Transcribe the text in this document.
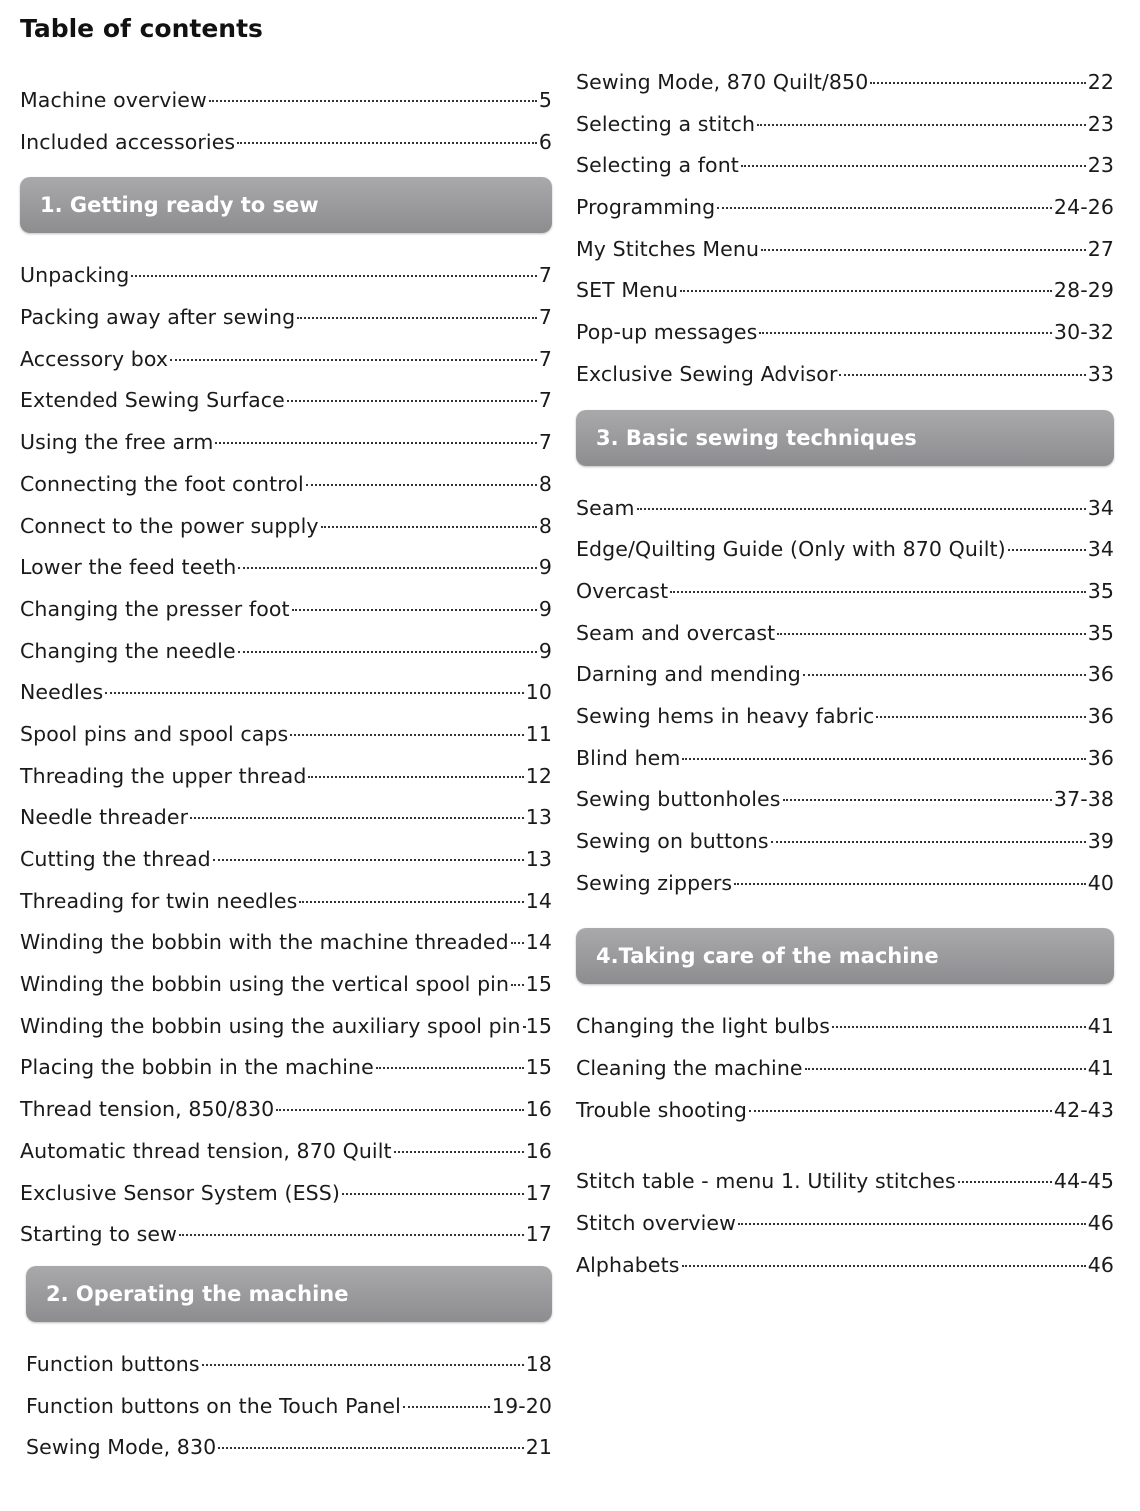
Table of contents
Machine overview	5
Included accessories	6
1. Getting ready to sew
Unpacking	7
Packing away after sewing	7
Accessory box	7
Extended Sewing Surface	7
Using the free arm	7
Connecting the foot control	8
Connect to the power supply	8
Lower the feed teeth	9
Changing the presser foot	9
Changing the needle	9
Needles	10
Spool pins and spool caps	11
Threading the upper thread	12
Needle threader	13
Cutting the thread	13
Threading for twin needles	14
Winding the bobbin with the machine threaded 14
Winding the bobbin using the vertical spool pin 15
Winding the bobbin using the auxiliary spool pin 15
Placing the bobbin in the machine	15
Thread tension, 850/830	16
Automatic thread tension, 870 Quilt	16
Exclusive Sensor System (ESS)	17
Starting to sew	17
2. Operating the machine
Function buttons	18
Function buttons on the Touch Panel	19-20
Sewing Mode, 830	21
Sewing Mode, 870 Quilt/850	22
Selecting a stitch	23
Selecting a font	23
Programming	24-26
My Stitches Menu	27
SET Menu	28-29
Pop-up messages	30-32
Exclusive Sewing Advisor	33
3. Basic sewing techniques
Seam	34
Edge/Quilting Guide (Only with 870 Quilt)	34
Overcast	35
Seam and overcast	35
Darning and mending	36
Sewing hems in heavy fabric	36
Blind hem	36
Sewing buttonholes	37-38
Sewing on buttons	39
Sewing zippers	40
4.Taking care of the machine
Changing the light bulbs	41
Cleaning the machine	41
Trouble shooting	42-43
Stitch table - menu 1. Utility stitches	44-45
Stitch overview	46
Alphabets	46
